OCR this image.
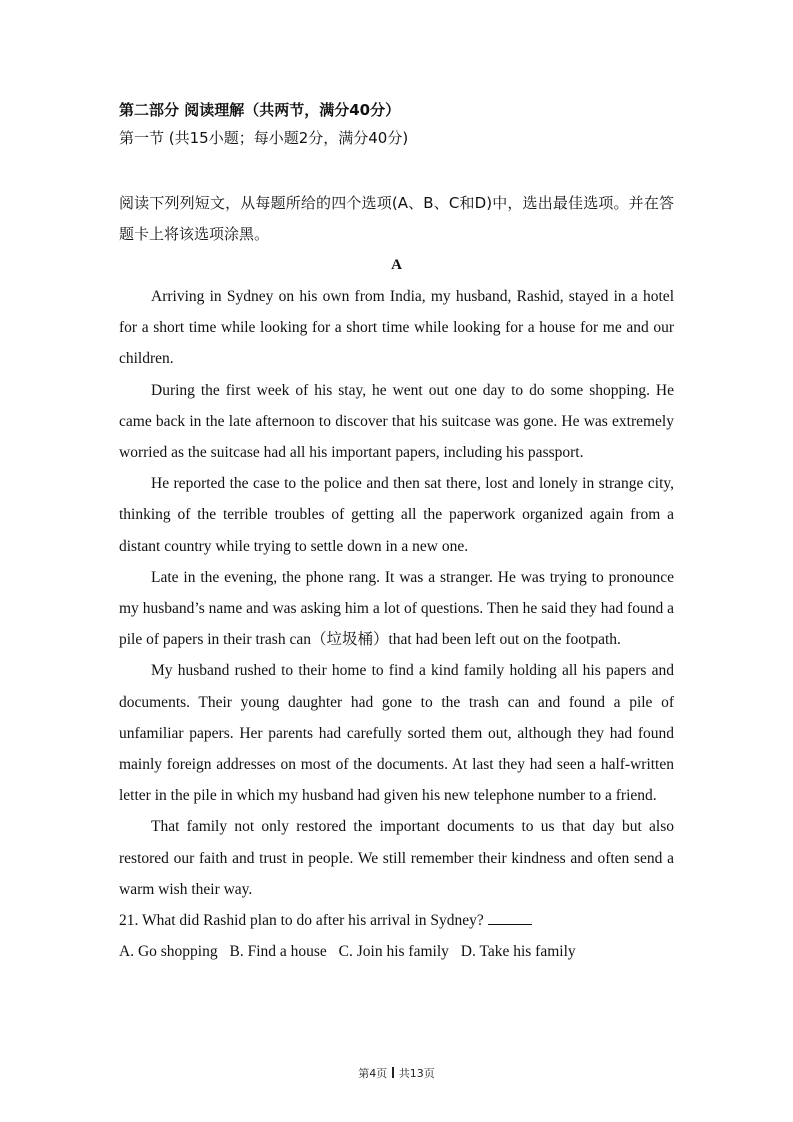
第二部分 阅读理解（共两节，满分40分）

第一节 (共15小题；每小题2分，满分40分)

阅读下列列短文，从每题所给的四个选项(A、B、C和D)中，选出最佳选项。并在答题卡上将该选项涂黑。

A

Arriving in Sydney on his own from India, my husband, Rashid, stayed in a hotel for a short time while looking for a short time while looking for a house for me and our children.

During the first week of his stay, he went out one day to do some shopping. He came back in the late afternoon to discover that his suitcase was gone. He was extremely worried as the suitcase had all his important papers, including his passport.

He reported the case to the police and then sat there, lost and lonely in strange city, thinking of the terrible troubles of getting all the paperwork organized again from a distant country while trying to settle down in a new one.

Late in the evening, the phone rang. It was a stranger. He was trying to pronounce my husband’s name and was asking him a lot of questions. Then he said they had found a pile of papers in their trash can（垃圾桶）that had been left out on the footpath.

My husband rushed to their home to find a kind family holding all his papers and documents. Their young daughter had gone to the trash can and found a pile of unfamiliar papers. Her parents had carefully sorted them out, although they had found mainly foreign addresses on most of the documents. At last they had seen a half-written letter in the pile in which my husband had given his new telephone number to a friend.

That family not only restored the important documents to us that day but also restored our faith and trust in people. We still remember their kindness and often send a warm wish their way.

21. What did Rashid plan to do after his arrival in Sydney?

A. Go shopping B. Find a house C. Join his family D. Take his family

第4页 共13页
